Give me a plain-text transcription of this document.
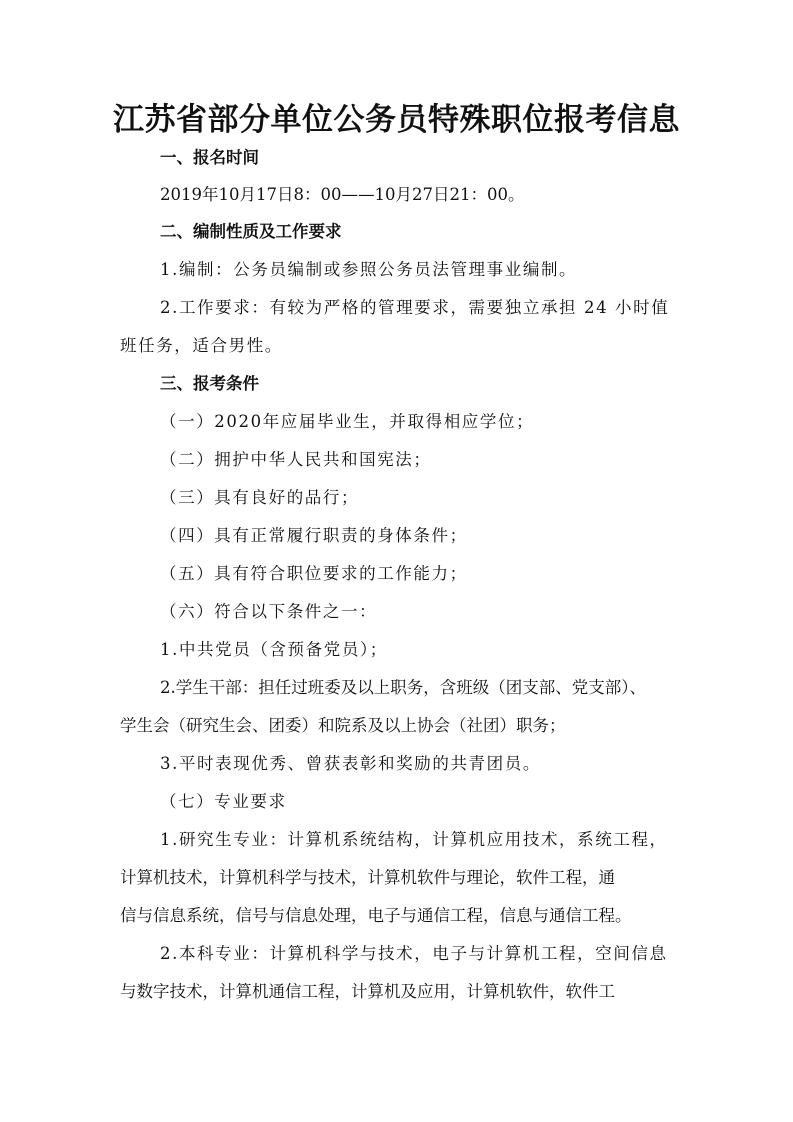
江苏省部分单位公务员特殊职位报考信息
一、报名时间
2019年10月17日8：00——10月27日21：00。
二、编制性质及工作要求
1.编制：公务员编制或参照公务员法管理事业编制。
2.工作要求：有较为严格的管理要求，需要独立承担 24 小时值
班任务，适合男性。
三、报考条件
（一）2020年应届毕业生，并取得相应学位；
（二）拥护中华人民共和国宪法；
（三）具有良好的品行；
（四）具有正常履行职责的身体条件；
（五）具有符合职位要求的工作能力；
（六）符合以下条件之一：
1.中共党员（含预备党员）；
2.学生干部：担任过班委及以上职务，含班级（团支部、党支部）、
学生会（研究生会、团委）和院系及以上协会（社团）职务；
3.平时表现优秀、曾获表彰和奖励的共青团员。
（七）专业要求
1.研究生专业：计算机系统结构，计算机应用技术，系统工程，
计算机技术，计算机科学与技术，计算机软件与理论，软件工程，通
信与信息系统，信号与信息处理，电子与通信工程，信息与通信工程。
2.本科专业：计算机科学与技术，电子与计算机工程，空间信息
与数字技术，计算机通信工程，计算机及应用，计算机软件，软件工
